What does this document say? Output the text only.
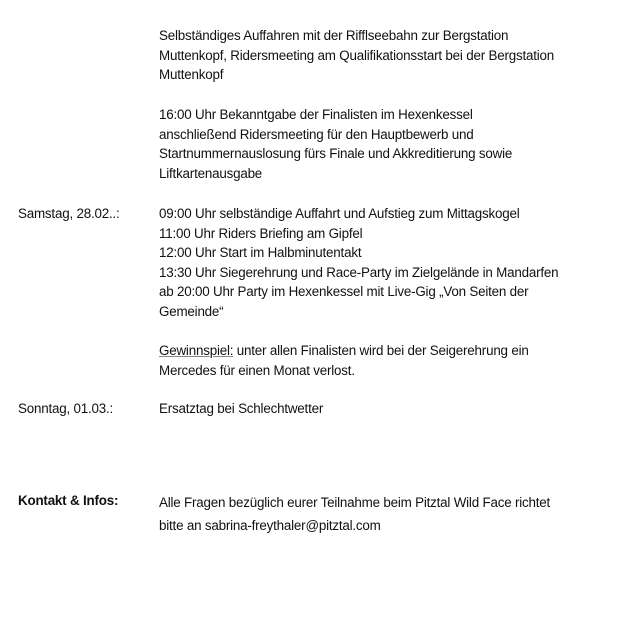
Selbständiges Auffahren mit der Rifflseebahn zur Bergstation
Muttenkopf, Ridersmeeting am Qualifikationsstart bei der Bergstation
Muttenkopf
16:00 Uhr Bekanntgabe der Finalisten im Hexenkessel
anschließend Ridersmeeting für den Hauptbewerb und
Startnummernauslosung fürs Finale und Akkreditierung sowie
Liftkartenausgabe
Samstag, 28.02..:	09:00 Uhr selbständige Auffahrt und Aufstieg zum Mittagskogel
11:00 Uhr Riders Briefing am Gipfel
12:00 Uhr Start im Halbminutentakt
13:30 Uhr Siegerehrung und Race-Party im Zielgelände in Mandarfen
ab 20:00 Uhr Party im Hexenkessel mit Live-Gig „Von Seiten der
Gemeinde“
Gewinnspiel: unter allen Finalisten wird bei der Seigerehrung ein
Mercedes für einen Monat verlost.
Sonntag, 01.03.:	Ersatztag bei Schlechtwetter
Kontakt & Infos:	Alle Fragen bezüglich eurer Teilnahme beim Pitztal Wild Face richtet
bitte an sabrina-freythaler@pitztal.com
